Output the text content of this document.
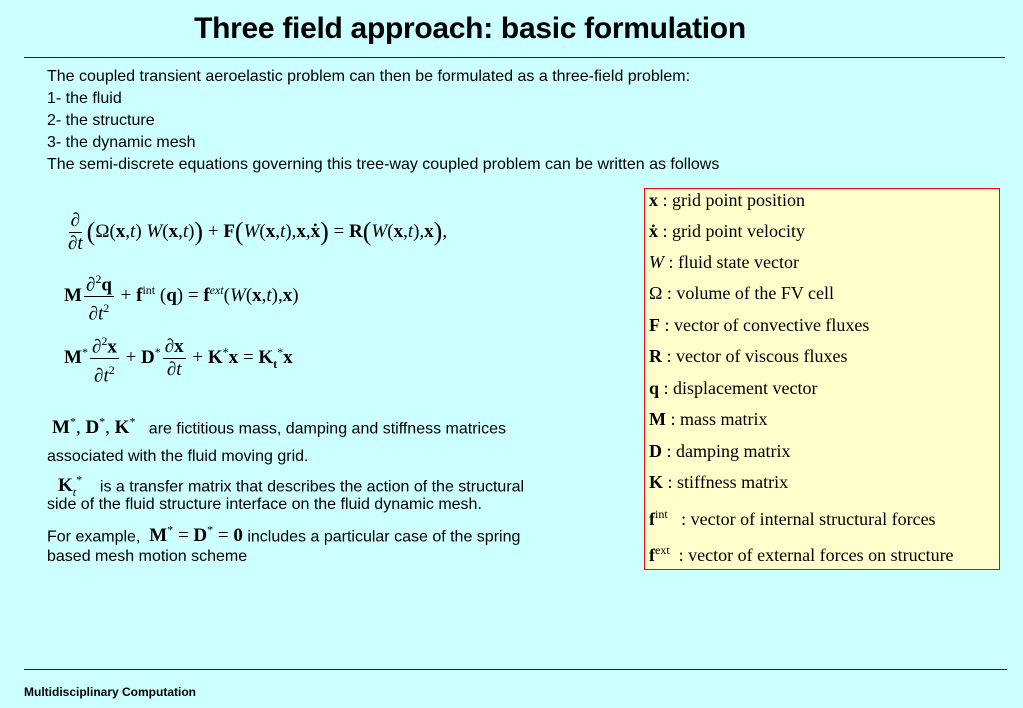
Three field approach: basic formulation
The coupled transient aeroelastic problem can then be formulated as a three-field problem:
1- the fluid
2- the structure
3- the dynamic mesh
The semi-discrete equations governing this tree-way coupled problem can be written as follows
$\frac{\partial}{\partial t} (\Omega(x,t) W(x,t))$ + F(W(x,t),x,ẋ) = R(W(x,t),x),
M $\frac{\partial^2q}{\partial t^2} + f^{int}$ $(q) = f^{ext}(W(x,t),x)$
$M^* \frac{\partial^2x}{\partial t^2} + D^* \frac{\partial x}{\partial t} + K^*x = K_t^*x$
M*, D*, K* are fictitious mass, damping and stiffness matrices
associated with the fluid moving grid.
$K_t^*$ is a transfer matrix that describes the action of the structural
side of the fluid structure interface on the fluid dynamic mesh.
For example, M* = D* = 0 includes a particular case of the spring
based mesh motion scheme
x : grid point position
ẋ : grid point velocity
W : fluid state vector
Ω : volume of the FV cell
F : vector of convective fluxes
R : vector of viscous fluxes
q : displacement vector
M : mass matrix
D : damping matrix
K : stiffness matrix
$f^{int}$ : vector of internal structural forces
$f^{ext}$ : vector of external forces on structure
Multidisciplinary Computation
